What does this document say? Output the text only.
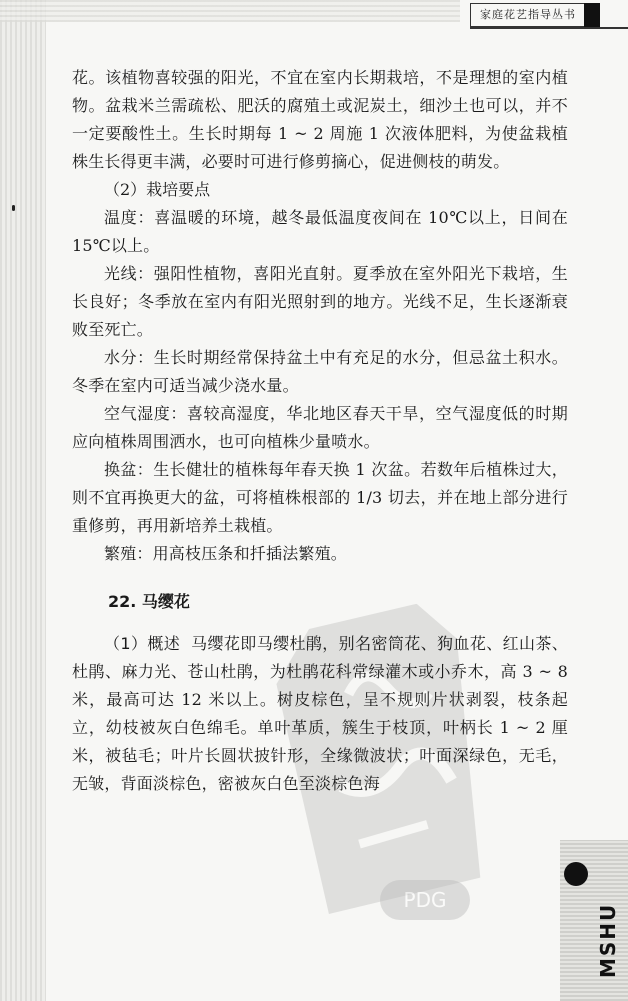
家庭花艺指导丛书
PDG

花。该植物喜较强的阳光，不宜在室内长期栽培，不是理想的室内植物。盆栽米兰需疏松、肥沃的腐殖土或泥炭土，细沙土也可以，并不一定要酸性土。生长时期每 1 ~ 2 周施 1 次液体肥料，为使盆栽植株生长得更丰满，必要时可进行修剪摘心，促进侧枝的萌发。

（2）栽培要点

温度：喜温暖的环境，越冬最低温度夜间在 10℃以上，日间在 15℃以上。

光线：强阳性植物，喜阳光直射。夏季放在室外阳光下栽培，生长良好；冬季放在室内有阳光照射到的地方。光线不足，生长逐渐衰败至死亡。

水分：生长时期经常保持盆土中有充足的水分，但忌盆土积水。冬季在室内可适当减少浇水量。

空气湿度：喜较高湿度，华北地区春天干旱，空气湿度低的时期应向植株周围洒水，也可向植株少量喷水。

换盆：生长健壮的植株每年春天换 1 次盆。若数年后植株过大，则不宜再换更大的盆，可将植株根部的 1/3 切去，并在地上部分进行重修剪，再用新培养土栽植。

繁殖：用高枝压条和扦插法繁殖。

22. 马缨花

（1）概述 马缨花即马缨杜鹃，别名密筒花、狗血花、红山茶、杜鹃、麻力光、苍山杜鹃，为杜鹃花科常绿灌木或小乔木，高 3 ~ 8 米，最高可达 12 米以上。树皮棕色，呈不规则片状剥裂，枝条起立，幼枝被灰白色绵毛。单叶革质，簇生于枝顶，叶柄长 1 ~ 2 厘米，被毡毛；叶片长圆状披针形，全缘微波状；叶面深绿色，无毛，无皱，背面淡棕色，密被灰白色至淡棕色海

MSHU
